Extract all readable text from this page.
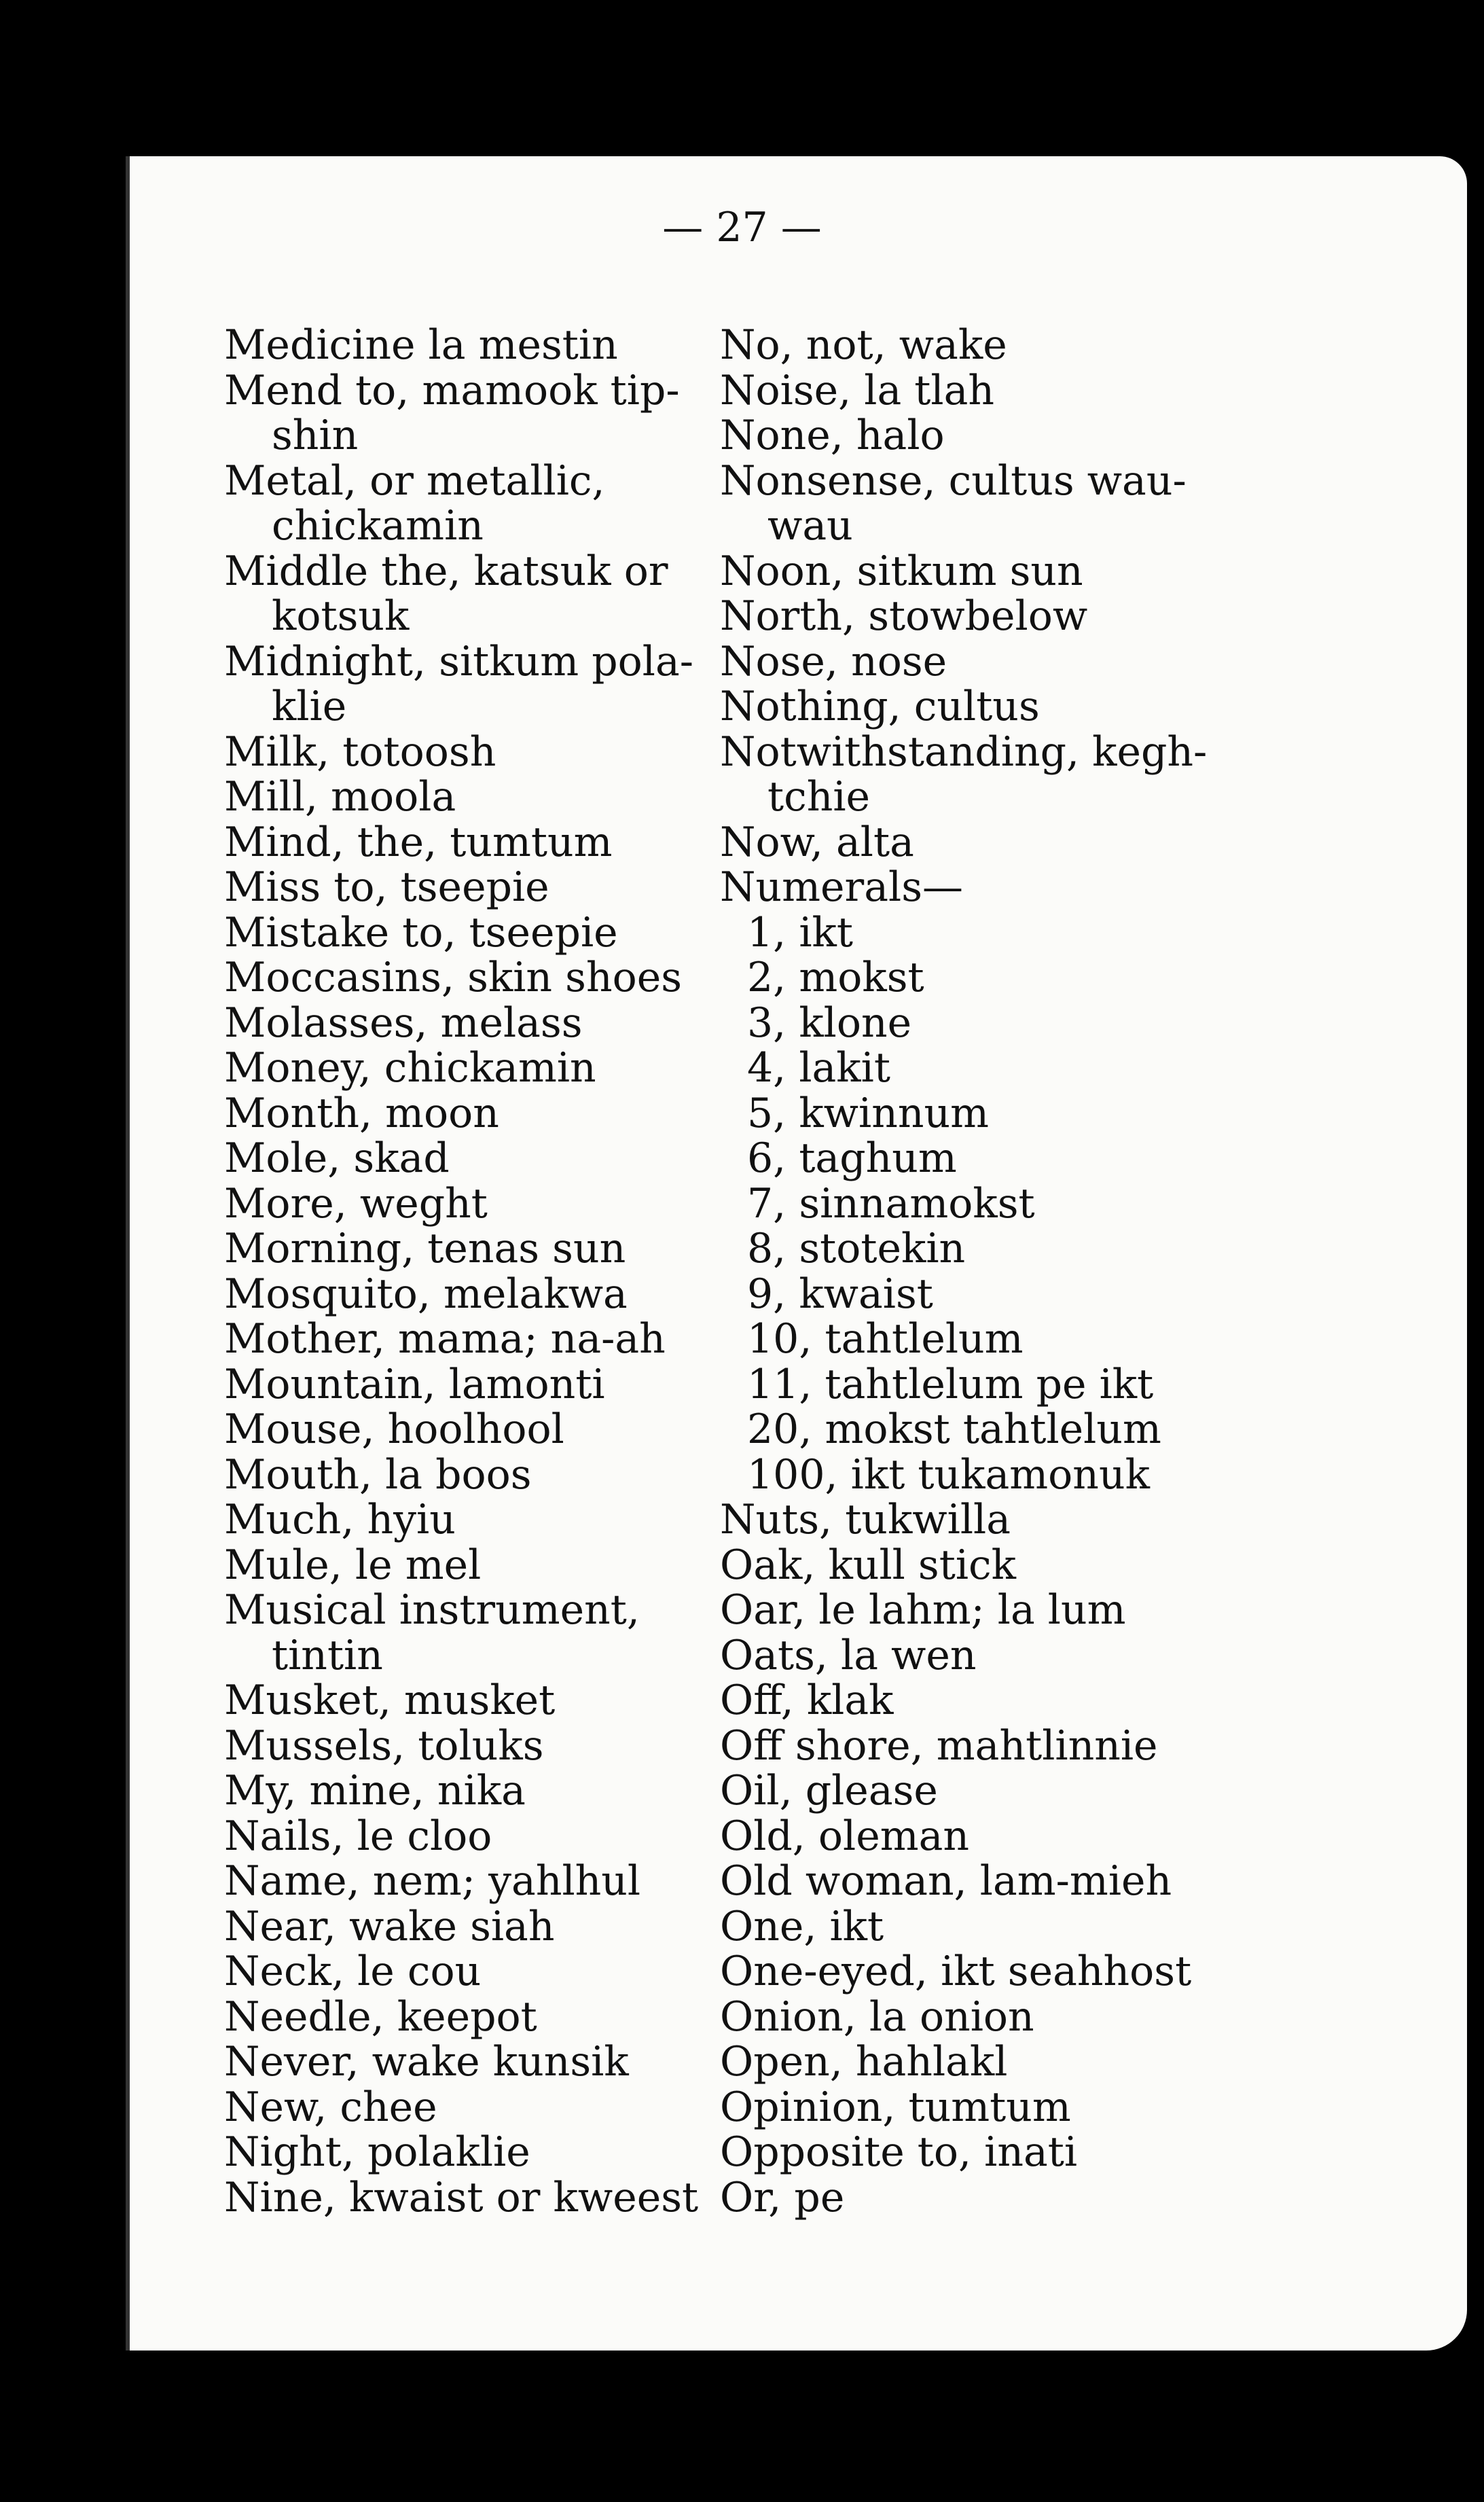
— 27 —
Medicine la mestin
Mend to, mamook tip-
shin
Metal, or metallic,
chickamin
Middle the, katsuk or
kotsuk
Midnight, sitkum pola-
klie
Milk, totoosh
Mill, moola
Mind, the, tumtum
Miss to, tseepie
Mistake to, tseepie
Moccasins, skin shoes
Molasses, melass
Money, chickamin
Month, moon
Mole, skad
More, weght
Morning, tenas sun
Mosquito, melakwa
Mother, mama; na-ah
Mountain, lamonti
Mouse, hoolhool
Mouth, la boos
Much, hyiu
Mule, le mel
Musical instrument,
tintin
Musket, musket
Mussels, toluks
My, mine, nika
Nails, le cloo
Name, nem; yahlhul
Near, wake siah
Neck, le cou
Needle, keepot
Never, wake kunsik
New, chee
Night, polaklie
Nine, kwaist or kweest
No, not, wake
Noise, la tlah
None, halo
Nonsense, cultus wau-
wau
Noon, sitkum sun
North, stowbelow
Nose, nose
Nothing, cultus
Notwithstanding, kegh-
tchie
Now, alta
Numerals—
1, ikt
2, mokst
3, klone
4, lakit
5, kwinnum
6, taghum
7, sinnamokst
8, stotekin
9, kwaist
10, tahtlelum
11, tahtlelum pe ikt
20, mokst tahtlelum
100, ikt tukamonuk
Nuts, tukwilla
Oak, kull stick
Oar, le lahm; la lum
Oats, la wen
Off, klak
Off shore, mahtlinnie
Oil, glease
Old, oleman
Old woman, lam-mieh
One, ikt
One-eyed, ikt seahhost
Onion, la onion
Open, hahlakl
Opinion, tumtum
Opposite to, inati
Or, pe
